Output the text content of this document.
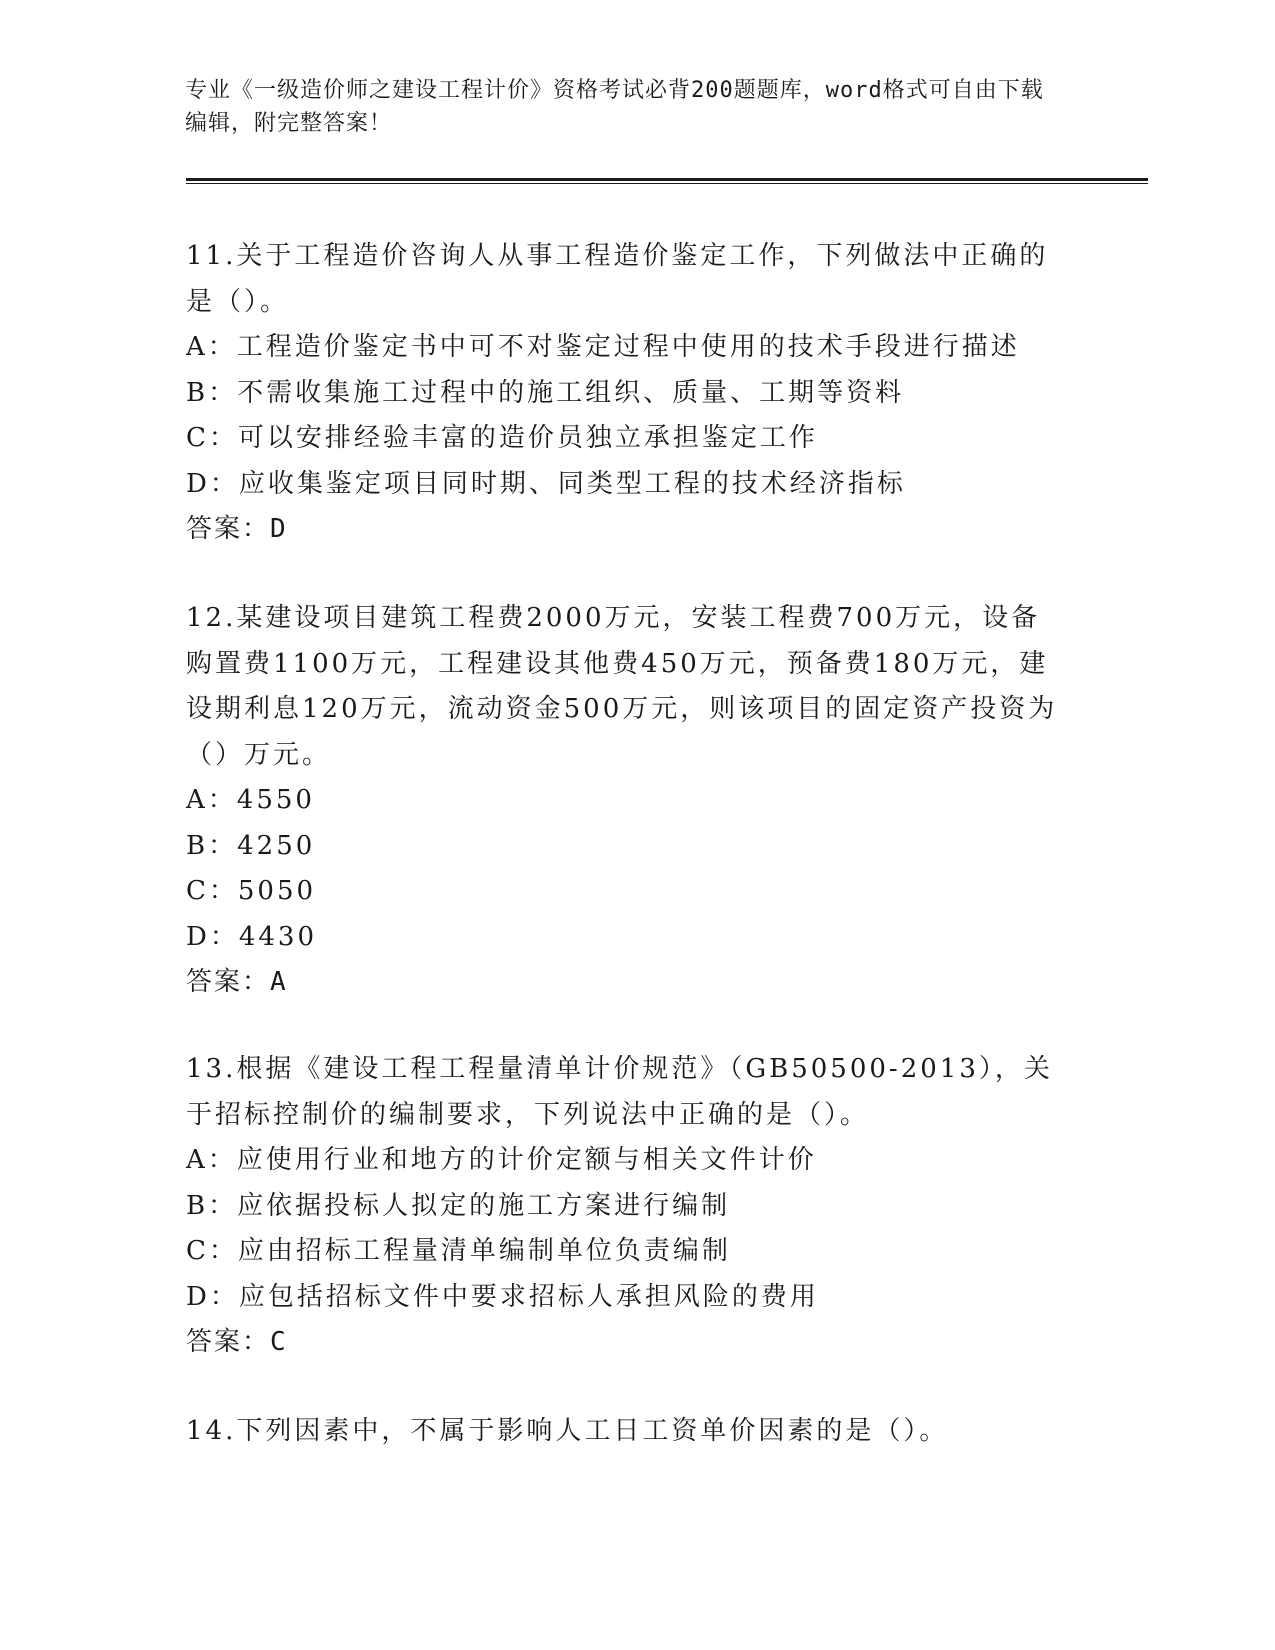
专业《一级造价师之建设工程计价》资格考试必背200题题库，word格式可自由下载编辑，附完整答案！

11.关于工程造价咨询人从事工程造价鉴定工作，下列做法中正确的是（）。

A：工程造价鉴定书中可不对鉴定过程中使用的技术手段进行描述
B：不需收集施工过程中的施工组织、质量、工期等资料
C：可以安排经验丰富的造价员独立承担鉴定工作
D：应收集鉴定项目同时期、同类型工程的技术经济指标
答案：D

12.某建设项目建筑工程费2000万元，安装工程费700万元，设备购置费1100万元，工程建设其他费450万元，预备费180万元，建设期利息120万元，流动资金500万元，则该项目的固定资产投资为（）万元。

A：4550
B：4250
C：5050
D：4430
答案：A

13.根据《建设工程工程量清单计价规范》（GB50500-2013），关于招标控制价的编制要求，下列说法中正确的是（）。

A：应使用行业和地方的计价定额与相关文件计价
B：应依据投标人拟定的施工方案进行编制
C：应由招标工程量清单编制单位负责编制
D：应包括招标文件中要求招标人承担风险的费用
答案：C

14.下列因素中，不属于影响人工日工资单价因素的是（）。
